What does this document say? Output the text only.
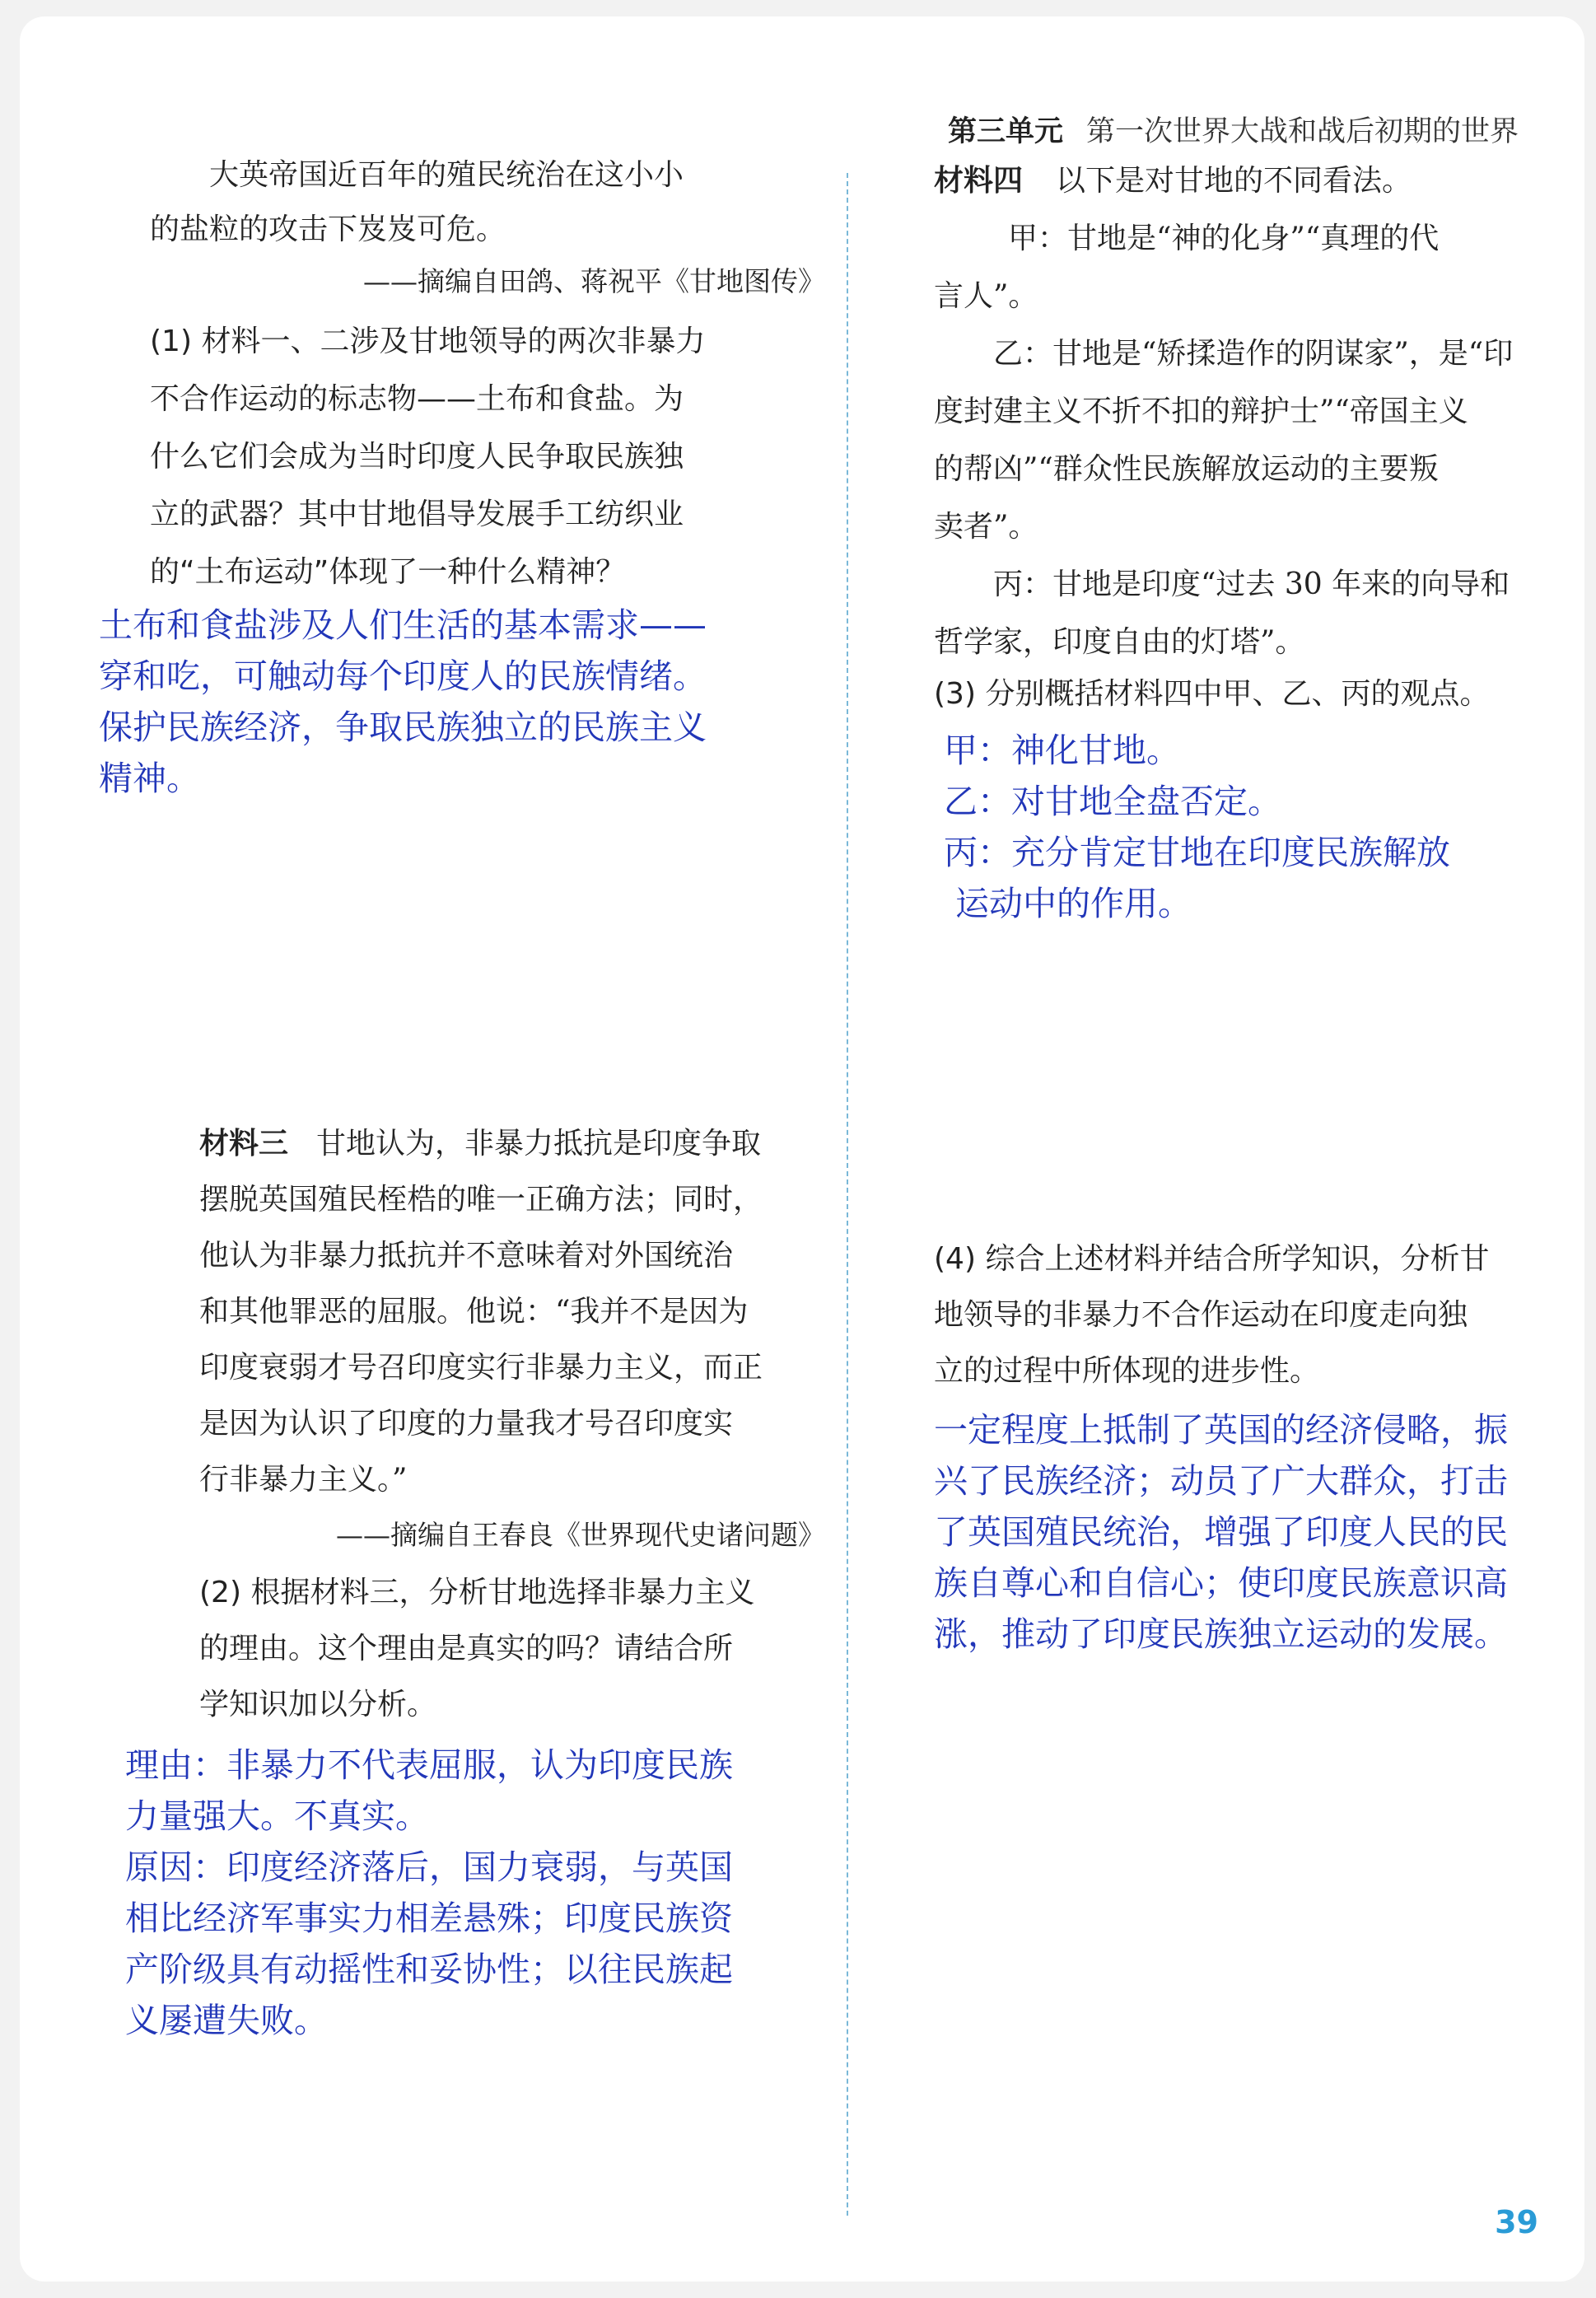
第三单元 第一次世界大战和战后初期的世界
大英帝国近百年的殖民统治在这小小
的盐粒的攻击下岌岌可危。
——摘编自田鸽、蒋祝平《甘地图传》
(1) 材料一、二涉及甘地领导的两次非暴力
不合作运动的标志物——土布和食盐。为
什么它们会成为当时印度人民争取民族独
立的武器？其中甘地倡导发展手工纺织业
的“土布运动”体现了一种什么精神？
土布和食盐涉及人们生活的基本需求——
穿和吃，可触动每个印度人的民族情绪。
保护民族经济，争取民族独立的民族主义
精神。
材料三 甘地认为，非暴力抵抗是印度争取
摆脱英国殖民桎梏的唯一正确方法；同时，
他认为非暴力抵抗并不意味着对外国统治
和其他罪恶的屈服。他说：“我并不是因为
印度衰弱才号召印度实行非暴力主义，而正
是因为认识了印度的力量我才号召印度实
行非暴力主义。”
——摘编自王春良《世界现代史诸问题》
(2) 根据材料三，分析甘地选择非暴力主义
的理由。这个理由是真实的吗？请结合所
学知识加以分析。
理由：非暴力不代表屈服，认为印度民族
力量强大。不真实。
原因：印度经济落后，国力衰弱，与英国
相比经济军事实力相差悬殊；印度民族资
产阶级具有动摇性和妥协性；以往民族起
义屡遭失败。
材料四 以下是对甘地的不同看法。
甲：甘地是“神的化身”“真理的代
言人”。
乙：甘地是“矫揉造作的阴谋家”，是“印
度封建主义不折不扣的辩护士”“帝国主义
的帮凶”“群众性民族解放运动的主要叛
卖者”。
丙：甘地是印度“过去 30 年来的向导和
哲学家，印度自由的灯塔”。
(3) 分别概括材料四中甲、乙、丙的观点。
甲：神化甘地。
乙：对甘地全盘否定。
丙：充分肯定甘地在印度民族解放
运动中的作用。
(4) 综合上述材料并结合所学知识，分析甘
地领导的非暴力不合作运动在印度走向独
立的过程中所体现的进步性。
一定程度上抵制了英国的经济侵略，振
兴了民族经济；动员了广大群众，打击
了英国殖民统治，增强了印度人民的民
族自尊心和自信心；使印度民族意识高
涨，推动了印度民族独立运动的发展。
39
